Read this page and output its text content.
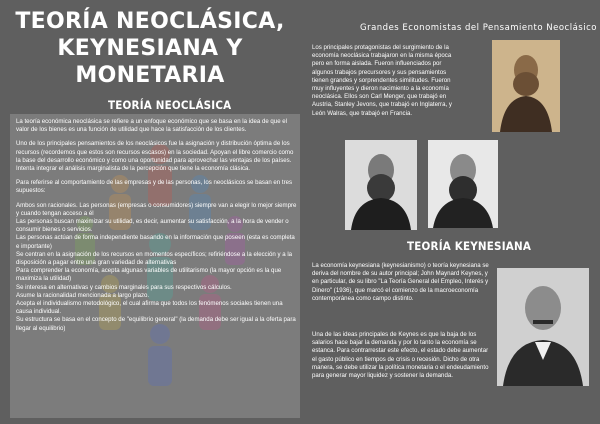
TEORÍA NEOCLÁSICA,
KEYNESIANA Y
MONETARIA
TEORÍA NEOCLÁSICA

La teoría económica neoclásica se refiere a un enfoque económico que se basa en la idea de que el valor de los bienes es una función de utilidad que hace la satisfacción de los clientes.

Uno de los principales pensamientos de los neoclásicos fue la asignación y distribución óptima de los recursos (recordemos que estos son recursos escasos) en la sociedad. Apoyan el libre comercio como la base del desarrollo económico y como una oportunidad para aprovechar las ventajas de los países. Intenta integrar el análisis marginalista de la percepción que tiene la economía clásica.

Para referirse al comportamiento de las empresas y de las personas, los neoclásicos se basan en tres supuestos:

Ambos son racionales. Las personas (empresas o consumidores) siempre van a elegir lo mejor siempre y cuando tengan acceso a él
Las personas buscan maximizar su utilidad, es decir, aumentar su satisfacción, a la hora de vender o consumir bienes o servicios.
Las personas actúan de forma independiente basando en la información que poseen (esta es completa e importante)
Se centran en la asignación de los recursos en momentos específicos; refiriéndose a la elección y a la disposición a pagar entre una gran variedad de alternativas
Para comprender la economía, acepta algunas variables de utilitarismo (la mayor opción es la que maximiza la utilidad)
Se interesa en alternativas y cambios marginales para sus respectivos cálculos.
Asume la racionalidad mencionada a largo plazo.
Acepta el individualismo metodológico, el cual afirma que todos los fenómenos sociales tienen una causa individual.
Su estructura se basa en el concepto de "equilibrio general" (la demanda debe ser igual a la oferta para llegar al equilibrio)

Grandes Economistas del Pensamiento Neoclásico

Los principales protagonistas del surgimiento de la economía neoclásica trabajaron en la misma época pero en forma aislada. Fueron influenciados por algunos trabajos precursores y sus pensamientos tienen grandes y sorprendentes similitudes. Fueron muy influyentes y dieron nacimiento a la economía neoclásica. Ellos son Carl Menger, que trabajó en Austria, Stanley Jevons, que trabajó en Inglaterra, y León Walras, que trabajó en Francia.

TEORÍA KEYNESIANA

La economía keynesiana (keynesianismo) o teoría keynesiana se deriva del nombre de su autor principal; John Maynard Keynes, y en particular, de su libro "La Teoría General del Empleo, Interés y Dinero" (1936), que marcó el comienzo de la macroeconomía contemporánea como campo distinto.

Una de las ideas principales de Keynes es que la baja de los salarios hace bajar la demanda y por lo tanto la economía se estanca. Para contrarrestar este efecto, el estado debe aumentar el gasto público en tiempos de crisis o recesión. Dicho de otra manera, se debe utilizar la política monetaria o el endeudamiento para generar mayor liquidez y sostener la demanda.
